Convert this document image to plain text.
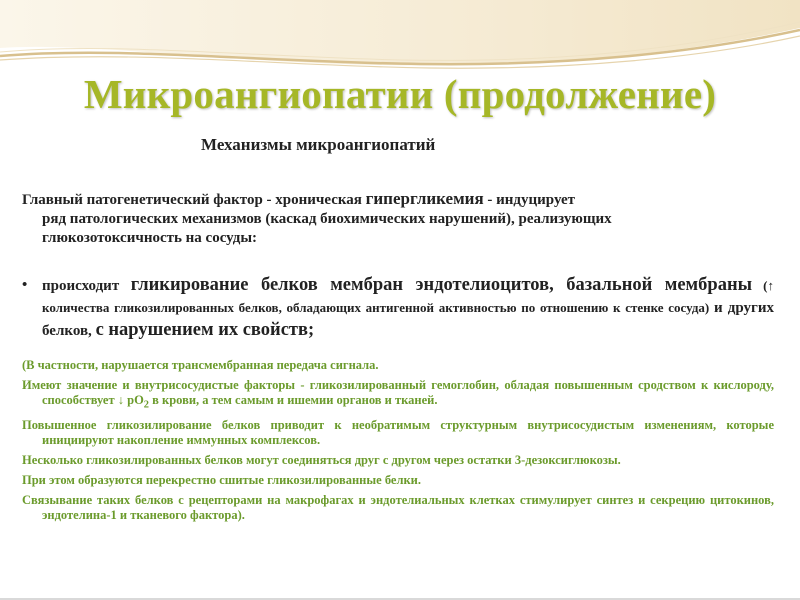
Микроангиопатии (продолжение)
Механизмы микроангиопатий
Главный патогенетический фактор - хроническая гипергликемия - индуцирует
ряд патологических механизмов (каскад биохимических нарушений), реализующих
глюкозотоксичность на сосуды:
• происходит гликирование белков мембран эндотелиоцитов, базальной мембраны (↑ количества гликозилированных белков, обладающих антигенной активностью по отношению к стенке сосуда) и других белков, с нарушением их свойств;
(В частности, нарушается трансмембранная передача сигнала.
Имеют значение и внутрисосудистые факторы - гликозилированный гемоглобин, обладая повышенным сродством к кислороду, способствует ↓ $pO_2$ в крови, а тем самым и ишемии органов и тканей.
Повышенное гликозилирование белков приводит к необратимым структурным внутрисосудистым изменениям, которые инициируют накопление иммунных комплексов.
Несколько гликозилированных белков могут соединяться друг с другом через остатки 3-дезоксиглюкозы.
При этом образуются перекрестно сшитые гликозилированные белки.
Связывание таких белков с рецепторами на макрофагах и эндотелиальных клетках стимулирует синтез и секрецию цитокинов, эндотелина-1 и тканевого фактора).
